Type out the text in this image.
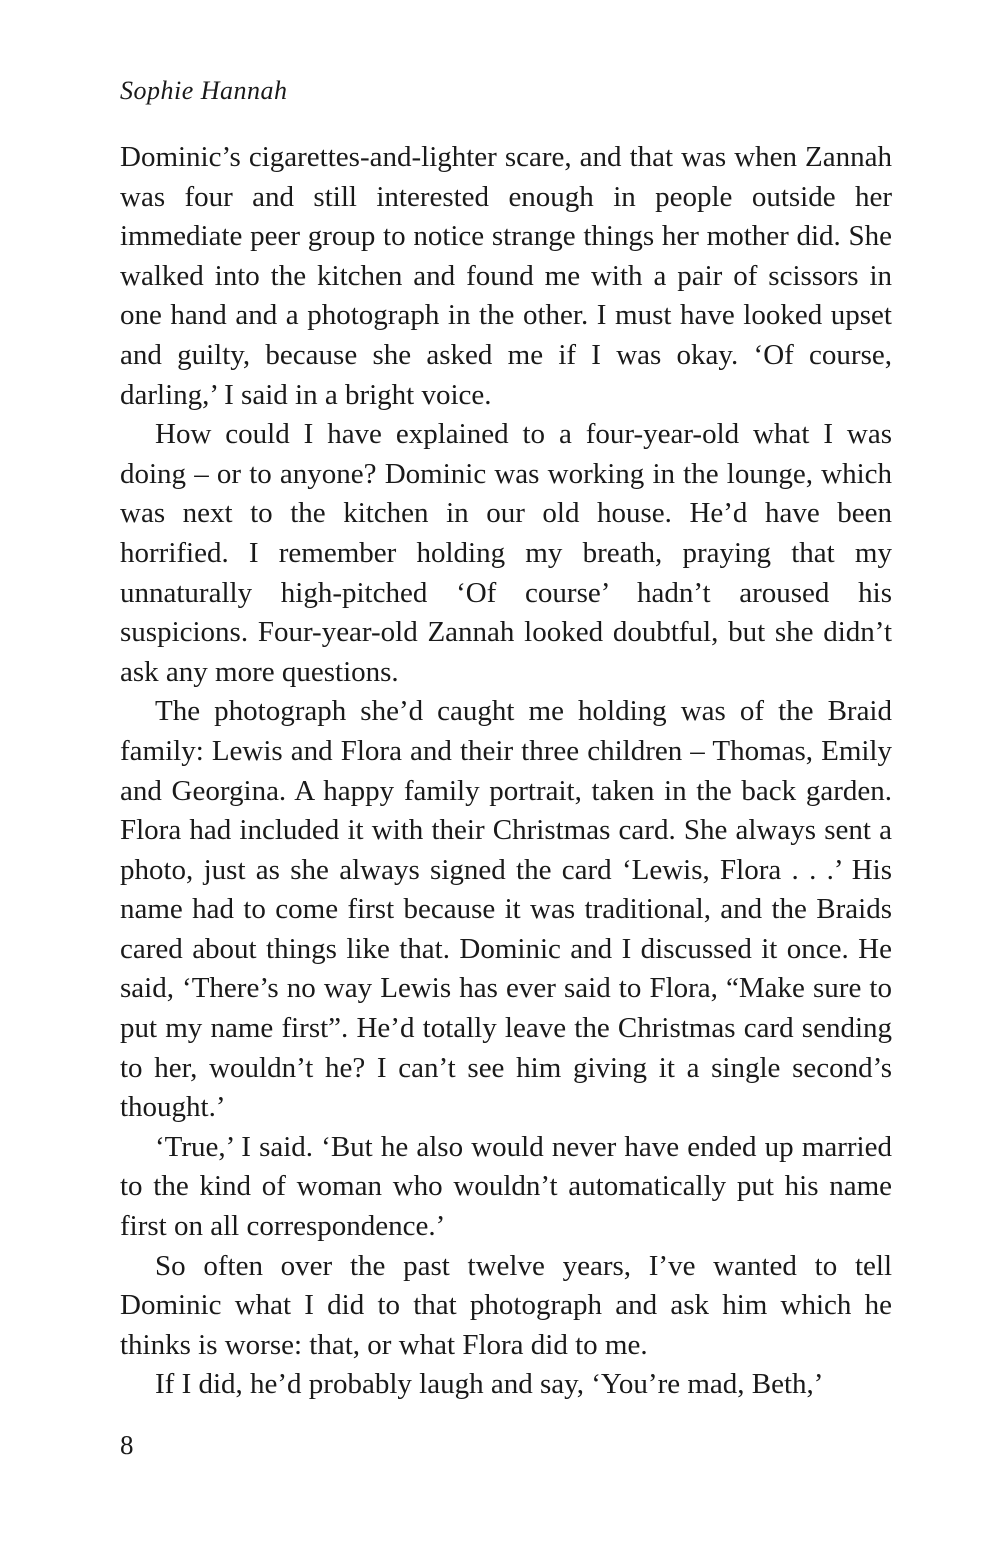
Sophie Hannah

Dominic’s cigarettes-and-lighter scare, and that was when Zannah was four and still interested enough in people outside her immediate peer group to notice strange things her mother did. She walked into the kitchen and found me with a pair of scissors in one hand and a photograph in the other. I must have looked upset and guilty, because she asked me if I was okay. ‘Of course, darling,’ I said in a bright voice.

How could I have explained to a four-year-old what I was doing – or to anyone? Dominic was working in the lounge, which was next to the kitchen in our old house. He’d have been horrified. I remember holding my breath, praying that my unnaturally high-pitched ‘Of course’ hadn’t aroused his suspicions. Four-year-old Zannah looked doubtful, but she didn’t ask any more questions.

The photograph she’d caught me holding was of the Braid family: Lewis and Flora and their three children – Thomas, Emily and Georgina. A happy family portrait, taken in the back garden. Flora had included it with their Christmas card. She always sent a photo, just as she always signed the card ‘Lewis, Flora . . .’ His name had to come first because it was traditional, and the Braids cared about things like that. Dominic and I discussed it once. He said, ‘There’s no way Lewis has ever said to Flora, “Make sure to put my name first”. He’d totally leave the Christmas card sending to her, wouldn’t he? I can’t see him giving it a single second’s thought.’

‘True,’ I said. ‘But he also would never have ended up married to the kind of woman who wouldn’t automatically put his name first on all correspondence.’

So often over the past twelve years, I’ve wanted to tell Dominic what I did to that photograph and ask him which he thinks is worse: that, or what Flora did to me.

If I did, he’d probably laugh and say, ‘You’re mad, Beth,’

8
